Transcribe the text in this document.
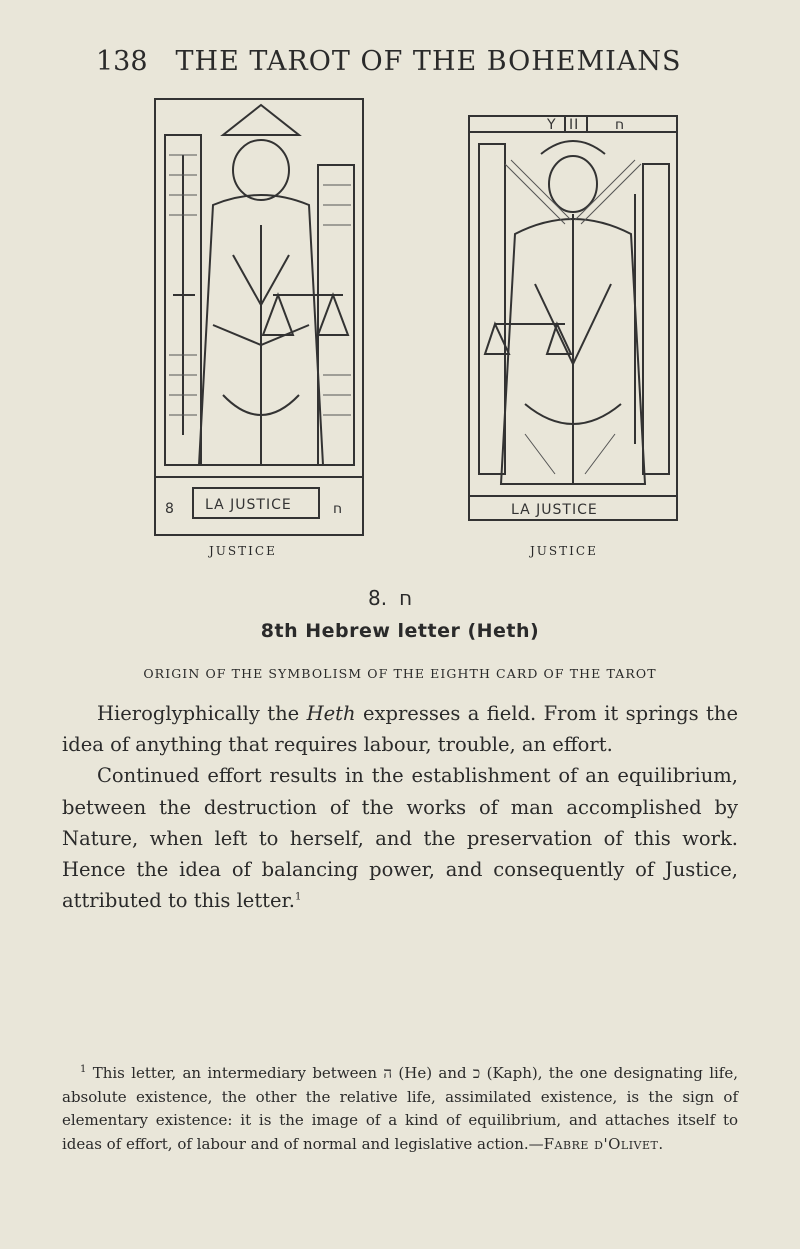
138 THE TAROT OF THE BOHEMIANS
8 LA JUSTICE	ח
Y II	ח
LA JUSTICE
JUSTICE	JUSTICE
8. ח
8th Hebrew letter (Heth)
ORIGIN OF THE SYMBOLISM OF THE EIGHTH CARD OF THE TAROT

Hieroglyphically the Heth expresses a field. From it springs the idea of anything that requires labour, trouble, an effort.

Continued effort results in the establishment of an equilibrium, between the destruction of the works of man accomplished by Nature, when left to herself, and the preservation of this work. Hence the idea of balancing power, and consequently of Justice, attributed to this letter.$^1$

$^1$ This letter, an intermediary between ה (He) and כ (Kaph), the one designating life, absolute existence, the other the relative life, assimilated existence, is the sign of elementary existence: it is the image of a kind of equilibrium, and attaches itself to ideas of effort, of labour and of normal and legislative action.—Fabre d'Olivet.
